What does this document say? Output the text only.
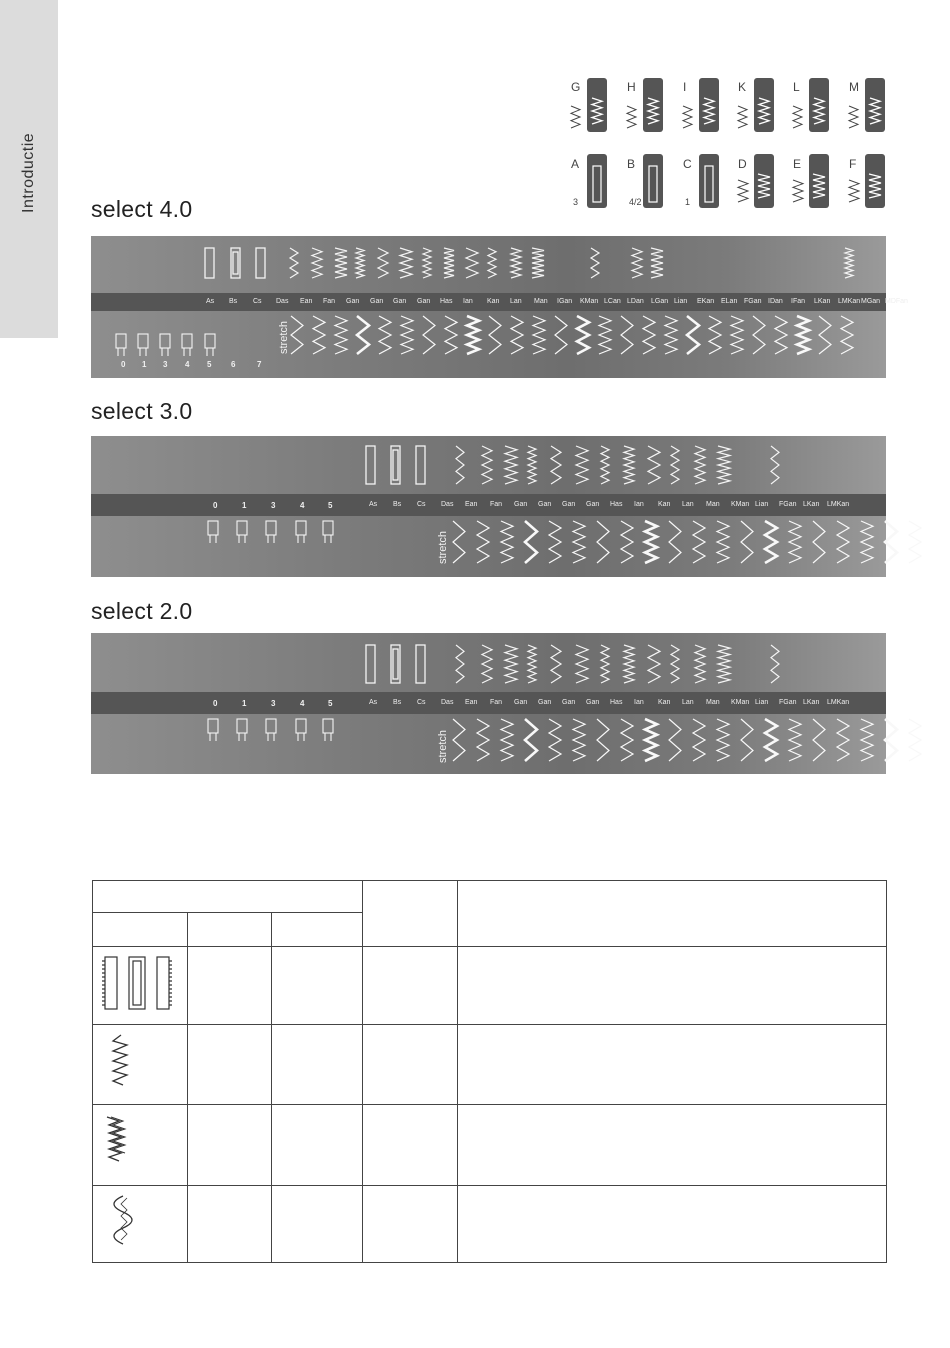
Introductie
G	H	I	K	L	M
A
3
B
4/2
C
1
D	E	F
select 4.0
select 3.0
select 2.0
As Bs Cs Das Ean Fan Gan Gan Gan Gan Has Ian Kan Lan Man IGan KMan LCan LDan LGan Lian EKan ELan FGan IDan IFan LKan LMKan MGan MDFan
0 1 3 4 5 6	7
stretch
As Bs Cs Das Ean Fan Gan Gan Gan Gan Has Ian Kan Lan Man KMan Lian FGan LKan LMKan
0	1	3	4	5
stretch
As Bs Cs Das Ean Fan Gan Gan Gan Gan Has Ian Kan Lan Man KMan Lian FGan LKan LMKan
0	1	3	4	5
stretch
